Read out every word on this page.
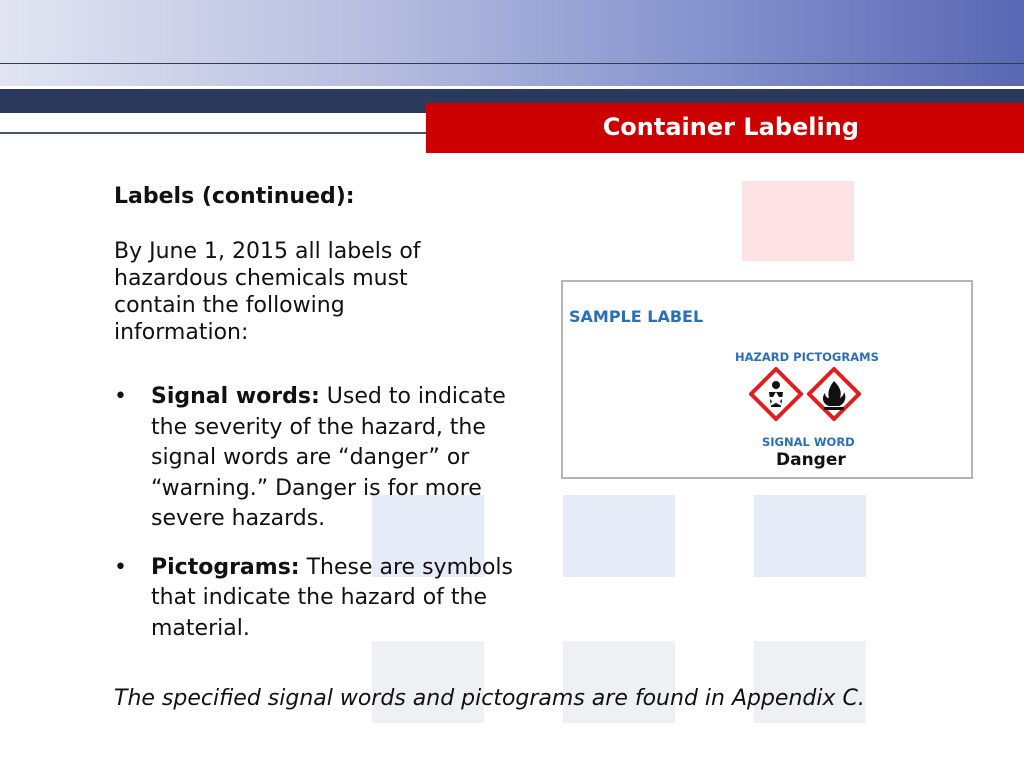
Container Labeling
Labels (continued):
By June 1, 2015 all labels of hazardous chemicals must contain the following information:
• Signal words: Used to indicate the severity of the hazard, the signal words are “danger” or “warning.” Danger is for more severe hazards.
• Pictograms: These are symbols that indicate the hazard of the material.
The specified signal words and pictograms are found in Appendix C.
SAMPLE LABEL
HAZARD PICTOGRAMS
SIGNAL WORD
Danger
